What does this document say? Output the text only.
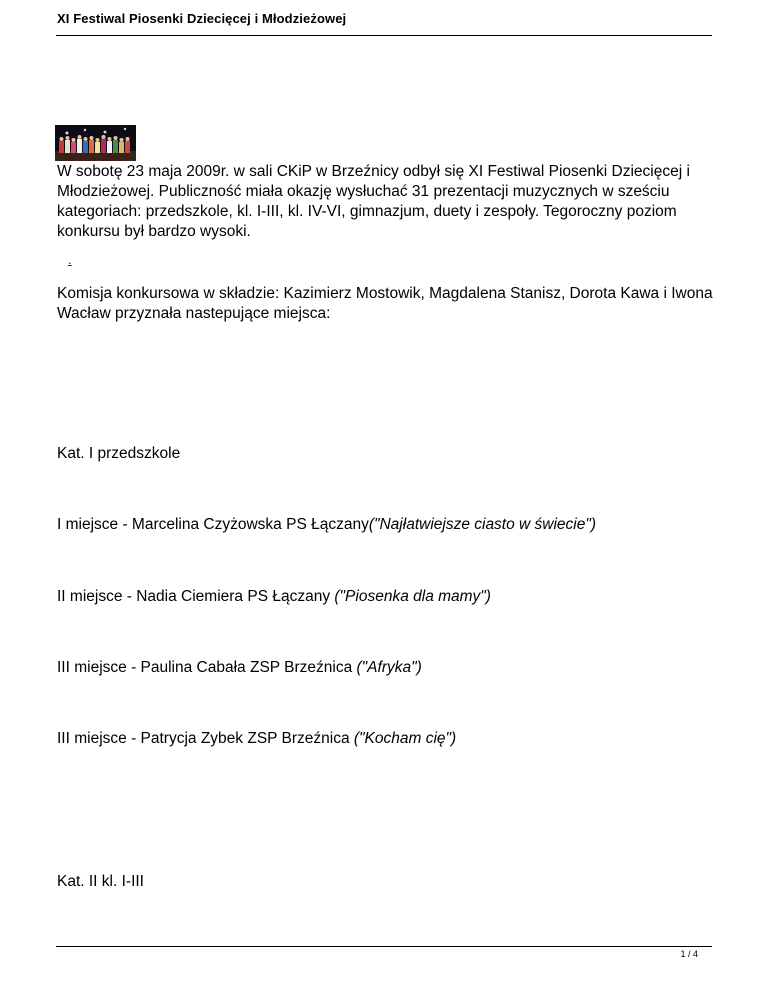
XI Festiwal Piosenki Dziecięcej i Młodzieżowej
W sobotę 23 maja 2009r. w sali CKiP w Brzeźnicy odbył się XI Festiwal Piosenki Dziecięcej i Młodzieżowej. Publiczność miała okazję wysłuchać 31 prezentacji muzycznych w sześciu kategoriach: przedszkole, kl. I-III, kl. IV-VI, gimnazjum, duety i zespoły. Tegoroczny poziom konkursu był bardzo wysoki.
.
Komisja konkursowa w składzie: Kazimierz Mostowik, Magdalena Stanisz, Dorota Kawa i Iwona Wacław przyznała nastepujące miejsca:
Kat. I przedszkole
I miejsce - Marcelina Czyżowska PS Łączany("Najłatwiejsze ciasto w świecie")
II miejsce - Nadia Ciemiera PS Łączany ("Piosenka dla mamy")
III miejsce - Paulina Cabała ZSP Brzeźnica ("Afryka")
III miejsce - Patrycja Zybek ZSP Brzeźnica ("Kocham cię")
Kat. II kl. I-III
1 / 4
